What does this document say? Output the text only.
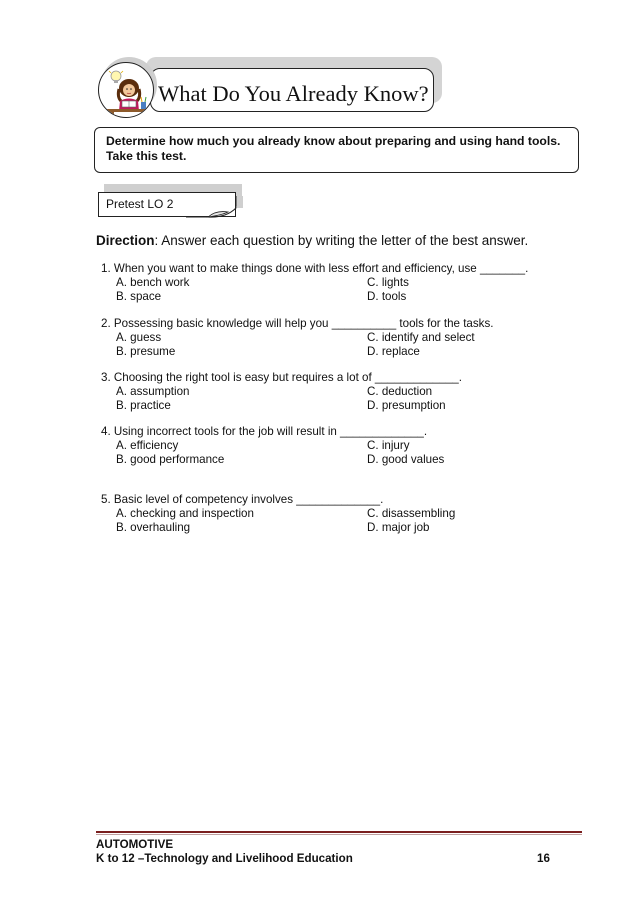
What Do You Already Know?
Determine how much you already know about preparing and using hand tools.
Take this test.
Pretest LO 2
Direction: Answer each question by writing the letter of the best answer.
1. When you want to make things done with less effort and efficiency, use _______.
A. bench work
B. space
C. lights
D. tools
2. Possessing basic knowledge will help you __________ tools for the tasks.
A. guess
B. presume
C. identify and select
D. replace
3. Choosing the right tool is easy but requires a lot of _____________.
A. assumption
B. practice
C. deduction
D. presumption
4. Using incorrect tools for the job will result in _____________.
A. efficiency
B. good performance
C. injury
D. good values
5. Basic level of competency involves _____________.
A. checking and inspection
B. overhauling
C. disassembling
D. major job
AUTOMOTIVE
K to 12 –Technology and Livelihood Education	16
